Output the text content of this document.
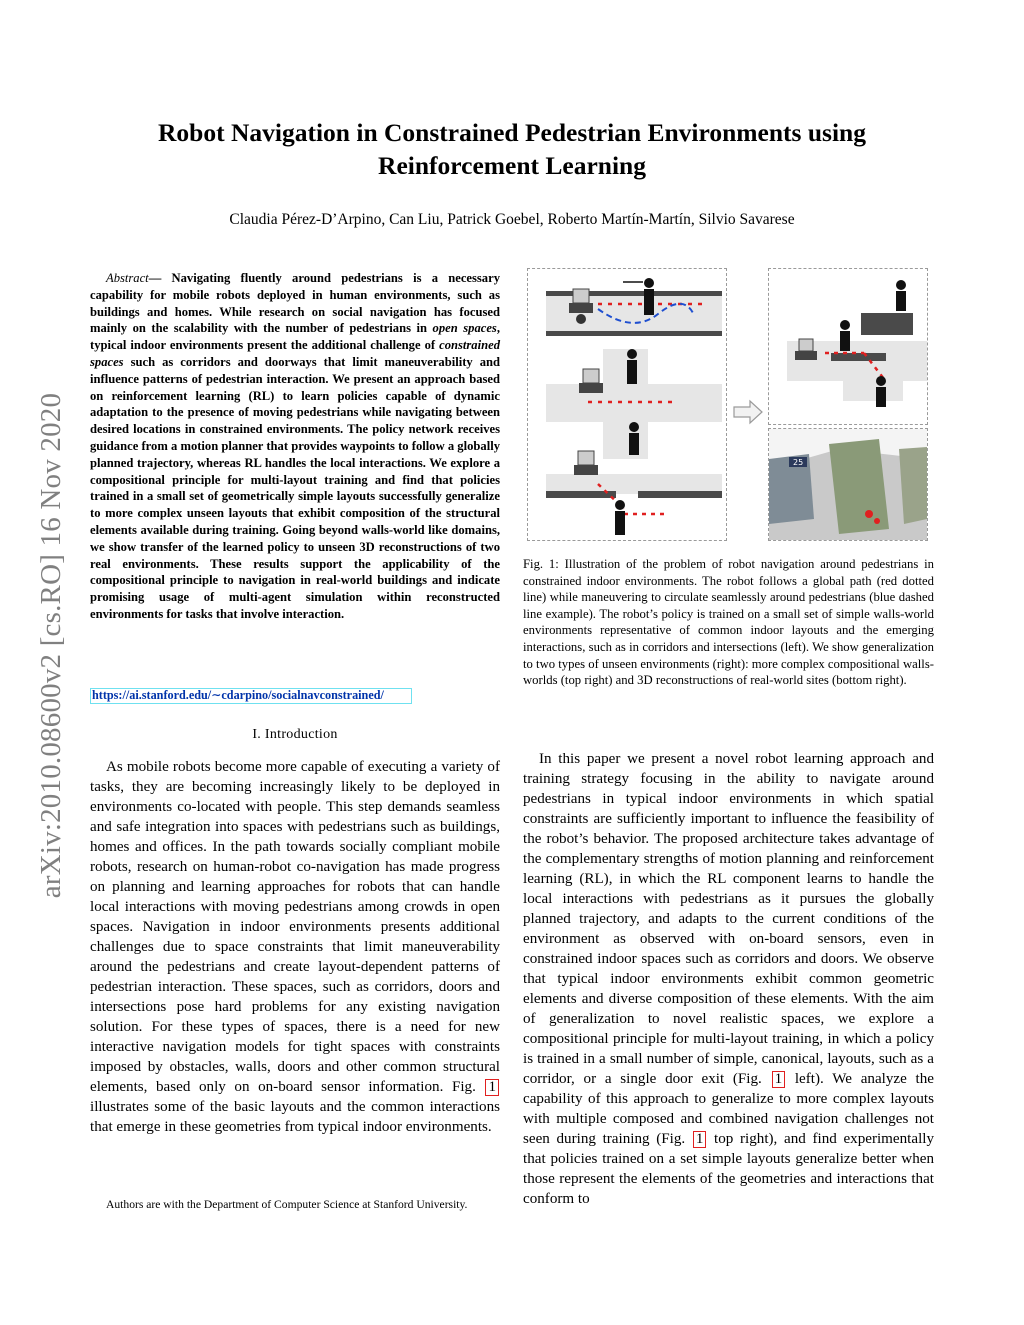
arXiv:2010.08600v2 [cs.RO] 16 Nov 2020
Robot Navigation in Constrained Pedestrian Environments using
Reinforcement Learning
Claudia Pérez-D’Arpino, Can Liu, Patrick Goebel, Roberto Martín-Martín, Silvio Savarese
Abstract— Navigating fluently around pedestrians is a necessary capability for mobile robots deployed in human environments, such as buildings and homes. While research on social navigation has focused mainly on the scalability with the number of pedestrians in open spaces, typical indoor environments present the additional challenge of constrained spaces such as corridors and doorways that limit maneuverability and influence patterns of pedestrian interaction. We present an approach based on reinforcement learning (RL) to learn policies capable of dynamic adaptation to the presence of moving pedestrians while navigating between desired locations in constrained environments. The policy network receives guidance from a motion planner that provides waypoints to follow a globally planned trajectory, whereas RL handles the local interactions. We explore a compositional principle for multi-layout training and find that policies trained in a small set of geometrically simple layouts successfully generalize to more complex unseen layouts that exhibit composition of the structural elements available during training. Going beyond walls-world like domains, we show transfer of the learned policy to unseen 3D reconstructions of two real environments. These results support the applicability of the compositional principle to navigation in real-world buildings and indicate promising usage of multi-agent simulation within reconstructed environments for tasks that involve interaction.
https://ai.stanford.edu/∼cdarpino/socialnavconstrained/
I. Introduction
As mobile robots become more capable of executing a variety of tasks, they are becoming increasingly likely to be deployed in environments co-located with people. This step demands seamless and safe integration into spaces with pedestrians such as buildings, homes and offices. In the path towards socially compliant mobile robots, research on human-robot co-navigation has made progress on planning and learning approaches for robots that can handle local interactions with moving pedestrians among crowds in open spaces. Navigation in indoor environments presents additional challenges due to space constraints that limit maneuverability around the pedestrians and create layout-dependent patterns of pedestrian interaction. These spaces, such as corridors, doors and intersections pose hard problems for any existing navigation solution. For these types of spaces, there is a need for new interactive navigation models for tight spaces with constraints imposed by obstacles, walls, doors and other common structural elements, based only on on-board sensor information. Fig. 1 illustrates some of the basic layouts and the common interactions that emerge in these geometries from typical indoor environments.
Authors are with the Department of Computer Science at Stanford University.
25
Fig. 1: Illustration of the problem of robot navigation around pedestrians in constrained indoor environments. The robot follows a global path (red dotted line) while maneuvering to circulate seamlessly around pedestrians (blue dashed line example). The robot’s policy is trained on a small set of simple walls-world environments representative of common indoor layouts and the emerging interactions, such as in corridors and intersections (left). We show generalization to two types of unseen environments (right): more complex compositional walls-worlds (top right) and 3D reconstructions of real-world sites (bottom right).
In this paper we present a novel robot learning approach and training strategy focusing in the ability to navigate around pedestrians in typical indoor environments in which spatial constraints are sufficiently important to influence the feasibility of the robot’s behavior. The proposed architecture takes advantage of the complementary strengths of motion planning and reinforcement learning (RL), in which the RL component learns to handle the local interactions with pedestrians as it pursues the globally planned trajectory, and adapts to the current conditions of the environment as observed with on-board sensors, even in constrained indoor spaces such as corridors and doors. We observe that typical indoor environments exhibit common geometric elements and diverse composition of these elements. With the aim of generalization to novel realistic spaces, we explore a compositional principle for multi-layout training, in which a policy is trained in a small number of simple, canonical, layouts, such as a corridor, or a single door exit (Fig. 1 left). We analyze the capability of this approach to generalize to more complex layouts with multiple composed and combined navigation challenges not seen during training (Fig. 1 top right), and find experimentally that policies trained on a set simple layouts generalize better when those represent the elements of the geometries and interactions that conform to
